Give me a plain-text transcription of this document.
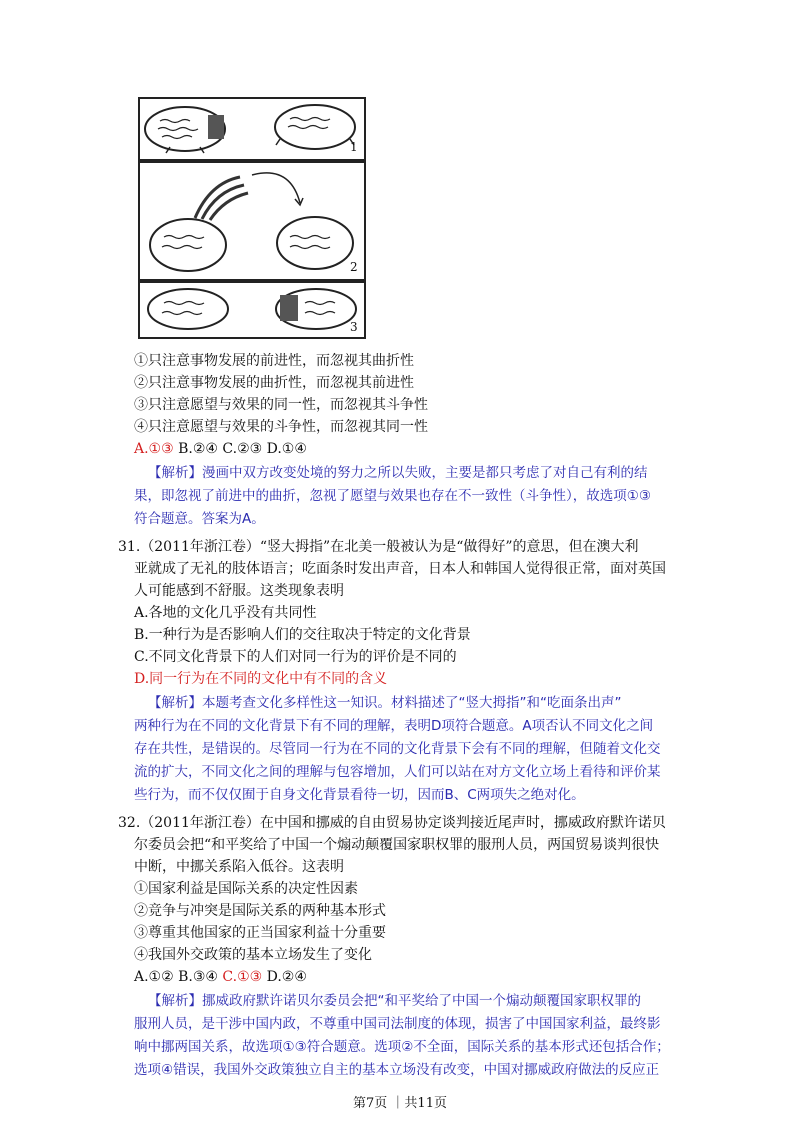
1
2
3
①只注意事物发展的前进性，而忽视其曲折性
②只注意事物发展的曲折性，而忽视其前进性
③只注意愿望与效果的同一性，而忽视其斗争性
④只注意愿望与效果的斗争性，而忽视其同一性
A.①③ B.②④ C.②③ D.①④
【解析】漫画中双方改变处境的努力之所以失败，主要是都只考虑了对自己有利的结
果，即忽视了前进中的曲折，忽视了愿望与效果也存在不一致性（斗争性），故选项①③
符合题意。答案为A。
31.（2011年浙江卷）“竖大拇指”在北美一般被认为是“做得好”的意思，但在澳大利
亚就成了无礼的肢体语言；吃面条时发出声音，日本人和韩国人觉得很正常，面对英国
人可能感到不舒服。这类现象表明
A.各地的文化几乎没有共同性
B.一种行为是否影响人们的交往取决于特定的文化背景
C.不同文化背景下的人们对同一行为的评价是不同的
D.同一行为在不同的文化中有不同的含义
【解析】本题考查文化多样性这一知识。材料描述了“竖大拇指”和“吃面条出声”
两种行为在不同的文化背景下有不同的理解，表明D项符合题意。A项否认不同文化之间
存在共性，是错误的。尽管同一行为在不同的文化背景下会有不同的理解，但随着文化交
流的扩大，不同文化之间的理解与包容增加，人们可以站在对方文化立场上看待和评价某
些行为，而不仅仅囿于自身文化背景看待一切，因而B、C两项失之绝对化。
32.（2011年浙江卷）在中国和挪威的自由贸易协定谈判接近尾声时，挪威政府默许诺贝
尔委员会把“和平奖给了中国一个煽动颠覆国家职权罪的服刑人员，两国贸易谈判很快
中断，中挪关系陷入低谷。这表明
①国家利益是国际关系的决定性因素
②竞争与冲突是国际关系的两种基本形式
③尊重其他国家的正当国家利益十分重要
④我国外交政策的基本立场发生了变化
A.①② B.③④ C.①③ D.②④
【解析】挪威政府默许诺贝尔委员会把“和平奖给了中国一个煽动颠覆国家职权罪的
服刑人员，是干涉中国内政，不尊重中国司法制度的体现，损害了中国国家利益，最终影
响中挪两国关系，故选项①③符合题意。选项②不全面，国际关系的基本形式还包括合作；
选项④错误，我国外交政策独立自主的基本立场没有改变，中国对挪威政府做法的反应正
第7页 ｜共11页
